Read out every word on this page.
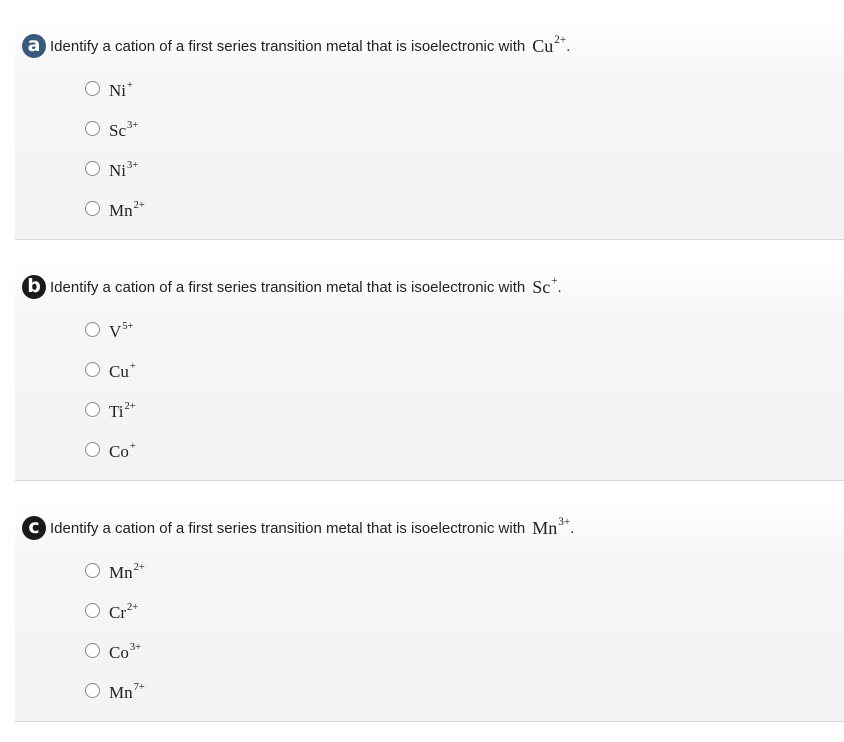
a Identify a cation of a first series transition metal that is isoelectronic with $Cu^{2+}$ .
Ni+
$Sc^{3+}$
$Ni^{3+}$
$Mn^{2+}$
b Identify a cation of a first series transition metal that is isoelectronic with Sc+ .
$V^{5+}$
Cu+
$Ti^{2+}$
Co+
c Identify a cation of a first series transition metal that is isoelectronic with $Mn^{3+}$ .
$Mn^{2+}$
$Cr^{2+}$
$Co^{3+}$
$Mn^{7+}$
